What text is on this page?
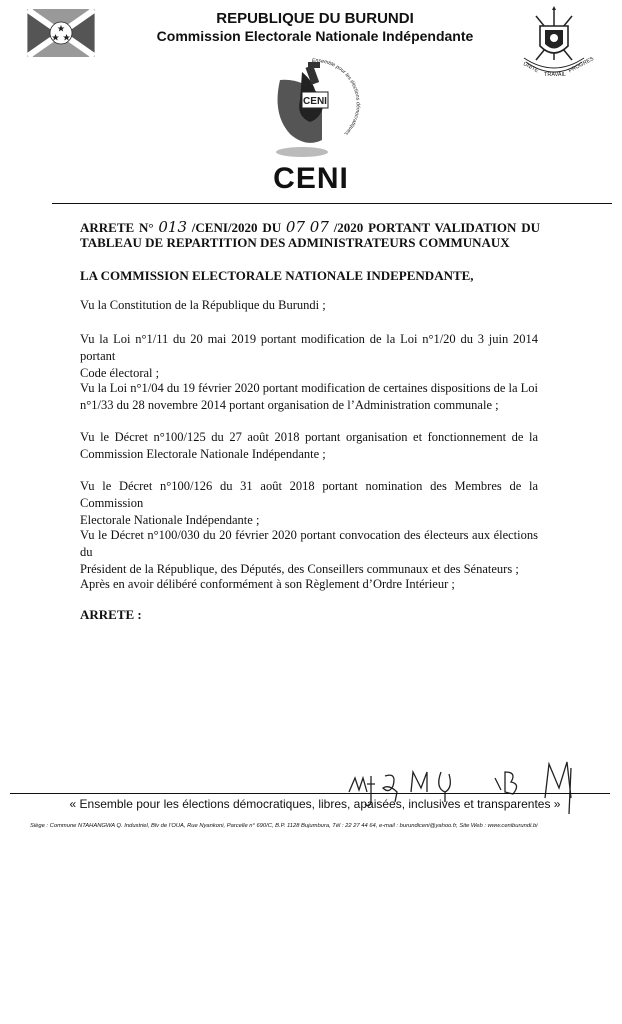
REPUBLIQUE DU BURUNDI
Commission Electorale Nationale Indépendante
UNITE
TRAVAIL
PROGRES
CENI
Ensemble pour les élections démocratiques,
CENI
ARRETE N° 013 /CENI/2020 DU 07 07 /2020 PORTANT VALIDATION DU
TABLEAU DE REPARTITION DES ADMINISTRATEURS COMMUNAUX
LA COMMISSION ELECTORALE NATIONALE INDEPENDANTE,
Vu la Constitution de la République du Burundi ;
Vu la Loi n°1/11 du 20 mai 2019 portant modification de la Loi n°1/20 du 3 juin 2014 portant
Code électoral ;
Vu la Loi n°1/04 du 19 février 2020 portant modification de certaines dispositions de la Loi
n°1/33 du 28 novembre 2014 portant organisation de l’Administration communale ;
Vu le Décret n°100/125 du 27 août 2018 portant organisation et fonctionnement de la
Commission Electorale Nationale Indépendante ;
Vu le Décret n°100/126 du 31 août 2018 portant nomination des Membres de la Commission
Electorale Nationale Indépendante ;
Vu le Décret n°100/030 du 20 février 2020 portant convocation des électeurs aux élections du
Président de la République, des Députés, des Conseillers communaux et des Sénateurs ;
Après en avoir délibéré conformément à son Règlement d’Ordre Intérieur ;
ARRETE :
« Ensemble pour les élections démocratiques, libres, apaisées, inclusives et transparentes »
Siège : Commune NTAHANGWA Q. Industriel, Blv de l’OUA, Rue Nyankoni, Parcelle n° 690/C, B.P. 1128 Bujumbura, Tél : 22 27 44 64, e-mail : burundiceni@yahoo.fr, Site Web : www.ceniburundi.bi
